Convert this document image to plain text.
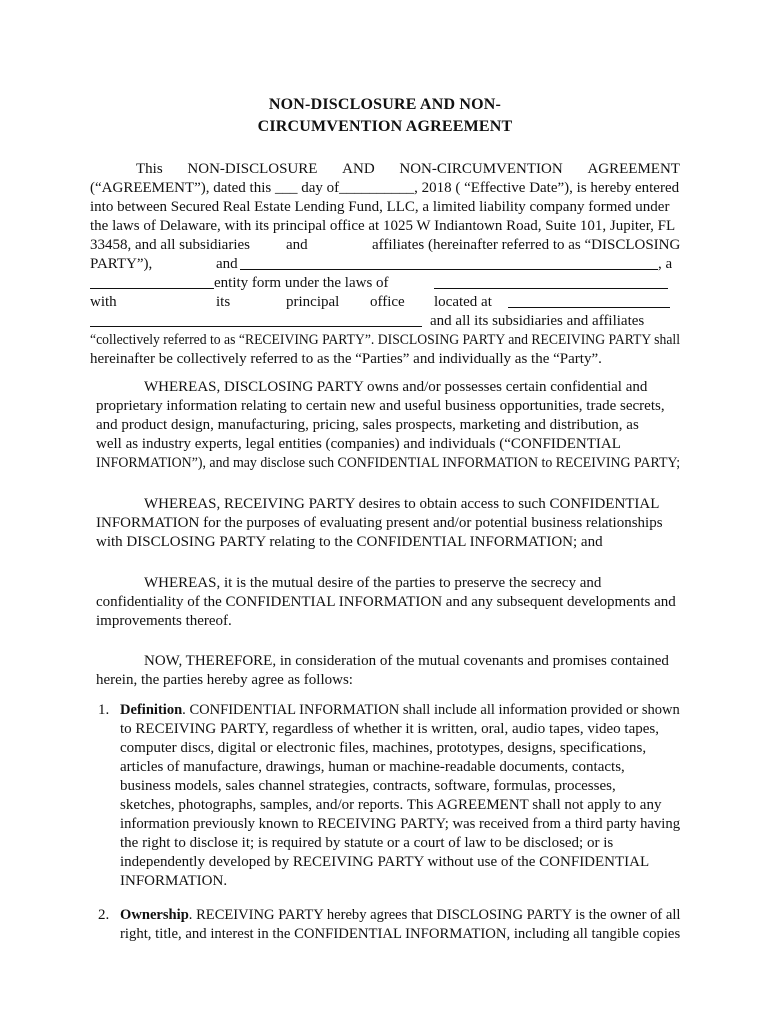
NON-DISCLOSURE AND NON-
CIRCUMVENTION AGREEMENT
This NON-DISCLOSURE AND NON-CIRCUMVENTION AGREEMENT
(“AGREEMENT”), dated this ___ day of__________, 2018 ( “Effective Date”), is hereby entered
into between Secured Real Estate Lending Fund, LLC, a limited liability company formed under
the laws of Delaware, with its principal office at 1025 W Indiantown Road, Suite 101, Jupiter, FL
33458, and all subsidiaries and	affiliates (hereinafter referred to as “DISCLOSING
PARTY”),	and	, a
entity form under the laws of
with	its	principal office located at
and all its subsidiaries and affiliates
“collectively referred to as “RECEIVING PARTY”. DISCLOSING PARTY and RECEIVING PARTY shall
hereinafter be collectively referred to as the “Parties” and individually as the “Party”.
WHEREAS, DISCLOSING PARTY owns and/or possesses certain confidential and
proprietary information relating to certain new and useful business opportunities, trade secrets,
and product design, manufacturing, pricing, sales prospects, marketing and distribution, as
well as industry experts, legal entities (companies) and individuals (“CONFIDENTIAL
INFORMATION”), and may disclose such CONFIDENTIAL INFORMATION to RECEIVING PARTY;
WHEREAS, RECEIVING PARTY desires to obtain access to such CONFIDENTIAL
INFORMATION for the purposes of evaluating present and/or potential business relationships
with DISCLOSING PARTY relating to the CONFIDENTIAL INFORMATION; and
WHEREAS, it is the mutual desire of the parties to preserve the secrecy and
confidentiality of the CONFIDENTIAL INFORMATION and any subsequent developments and
improvements thereof.
NOW, THEREFORE, in consideration of the mutual covenants and promises contained
herein, the parties hereby agree as follows:
1. Definition. CONFIDENTIAL INFORMATION shall include all information provided or shown
to RECEIVING PARTY, regardless of whether it is written, oral, audio tapes, video tapes,
computer discs, digital or electronic files, machines, prototypes, designs, specifications,
articles of manufacture, drawings, human or machine-readable documents, contacts,
business models, sales channel strategies, contracts, software, formulas, processes,
sketches, photographs, samples, and/or reports. This AGREEMENT shall not apply to any
information previously known to RECEIVING PARTY; was received from a third party having
the right to disclose it; is required by statute or a court of law to be disclosed; or is
independently developed by RECEIVING PARTY without use of the CONFIDENTIAL
INFORMATION.
2. Ownership. RECEIVING PARTY hereby agrees that DISCLOSING PARTY is the owner of all
right, title, and interest in the CONFIDENTIAL INFORMATION, including all tangible copies
